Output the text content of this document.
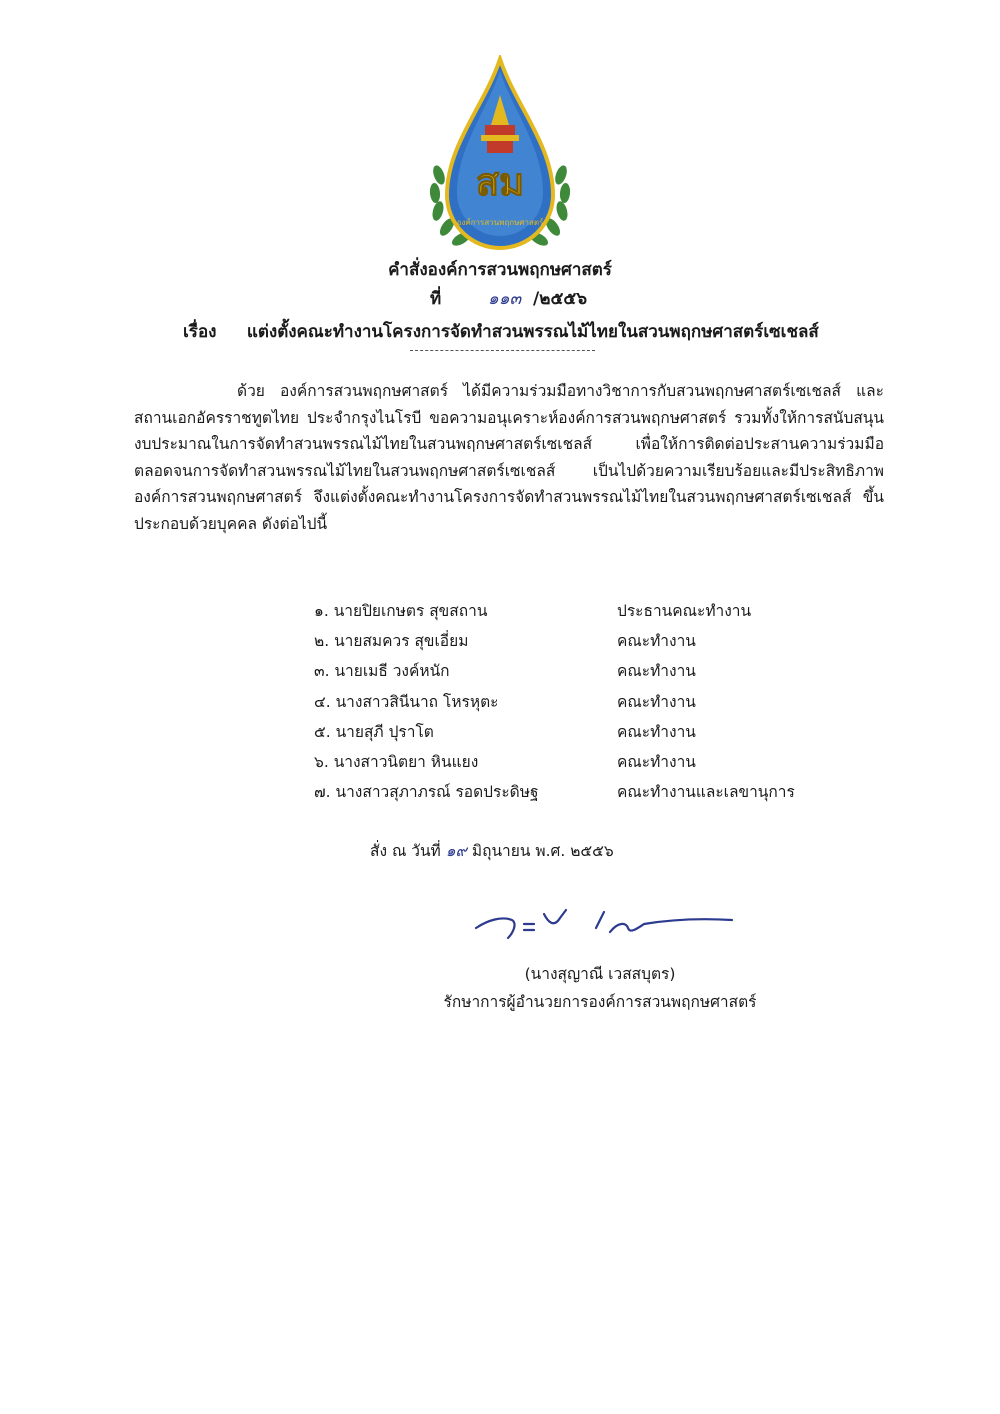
สม
องค์การสวนพฤกษศาสตร์
คำสั่งองค์การสวนพฤกษศาสตร์
ที่	๑๑๓ /๒๕๕๖
เรื่อง แต่งตั้งคณะทำงานโครงการจัดทำสวนพรรณไม้ไทยในสวนพฤกษศาสตร์เซเชลส์

ด้วย องค์การสวนพฤกษศาสตร์ ได้มีความร่วมมือทางวิชาการกับสวนพฤกษศาสตร์เซเชลส์ และสถานเอกอัครราชทูตไทย ประจำกรุงไนโรบี ขอความอนุเคราะห์องค์การสวนพฤกษศาสตร์ รวมทั้งให้การสนับสนุนงบประมาณในการจัดทำสวนพรรณไม้ไทยในสวนพฤกษศาสตร์เซเชลส์ เพื่อให้การติดต่อประสานความร่วมมือ ตลอดจนการจัดทำสวนพรรณไม้ไทยในสวนพฤกษศาสตร์เซเชลส์ เป็นไปด้วยความเรียบร้อยและมีประสิทธิภาพ องค์การสวนพฤกษศาสตร์ จึงแต่งตั้งคณะทำงานโครงการจัดทำสวนพรรณไม้ไทยในสวนพฤกษศาสตร์เซเชลส์ ขึ้น ประกอบด้วยบุคคล ดังต่อไปนี้

๑. นายปิยเกษตร สุขสถาน	ประธานคณะทำงาน
๒. นายสมควร สุขเอี่ยม	คณะทำงาน
๓. นายเมธี วงค์หนัก	คณะทำงาน
๔. นางสาวสินีนาถ โหรหุตะ	คณะทำงาน
๕. นายสุภี ปุราโต	คณะทำงาน
๖. นางสาวนิตยา หินแยง	คณะทำงาน
๗. นางสาวสุภาภรณ์ รอดประดิษฐ	คณะทำงานและเลขานุการ
สั่ง ณ วันที่ ๑๙ มิถุนายน พ.ศ. ๒๕๕๖
(นางสุญาณี เวสสบุตร)
รักษาการผู้อำนวยการองค์การสวนพฤกษศาสตร์
